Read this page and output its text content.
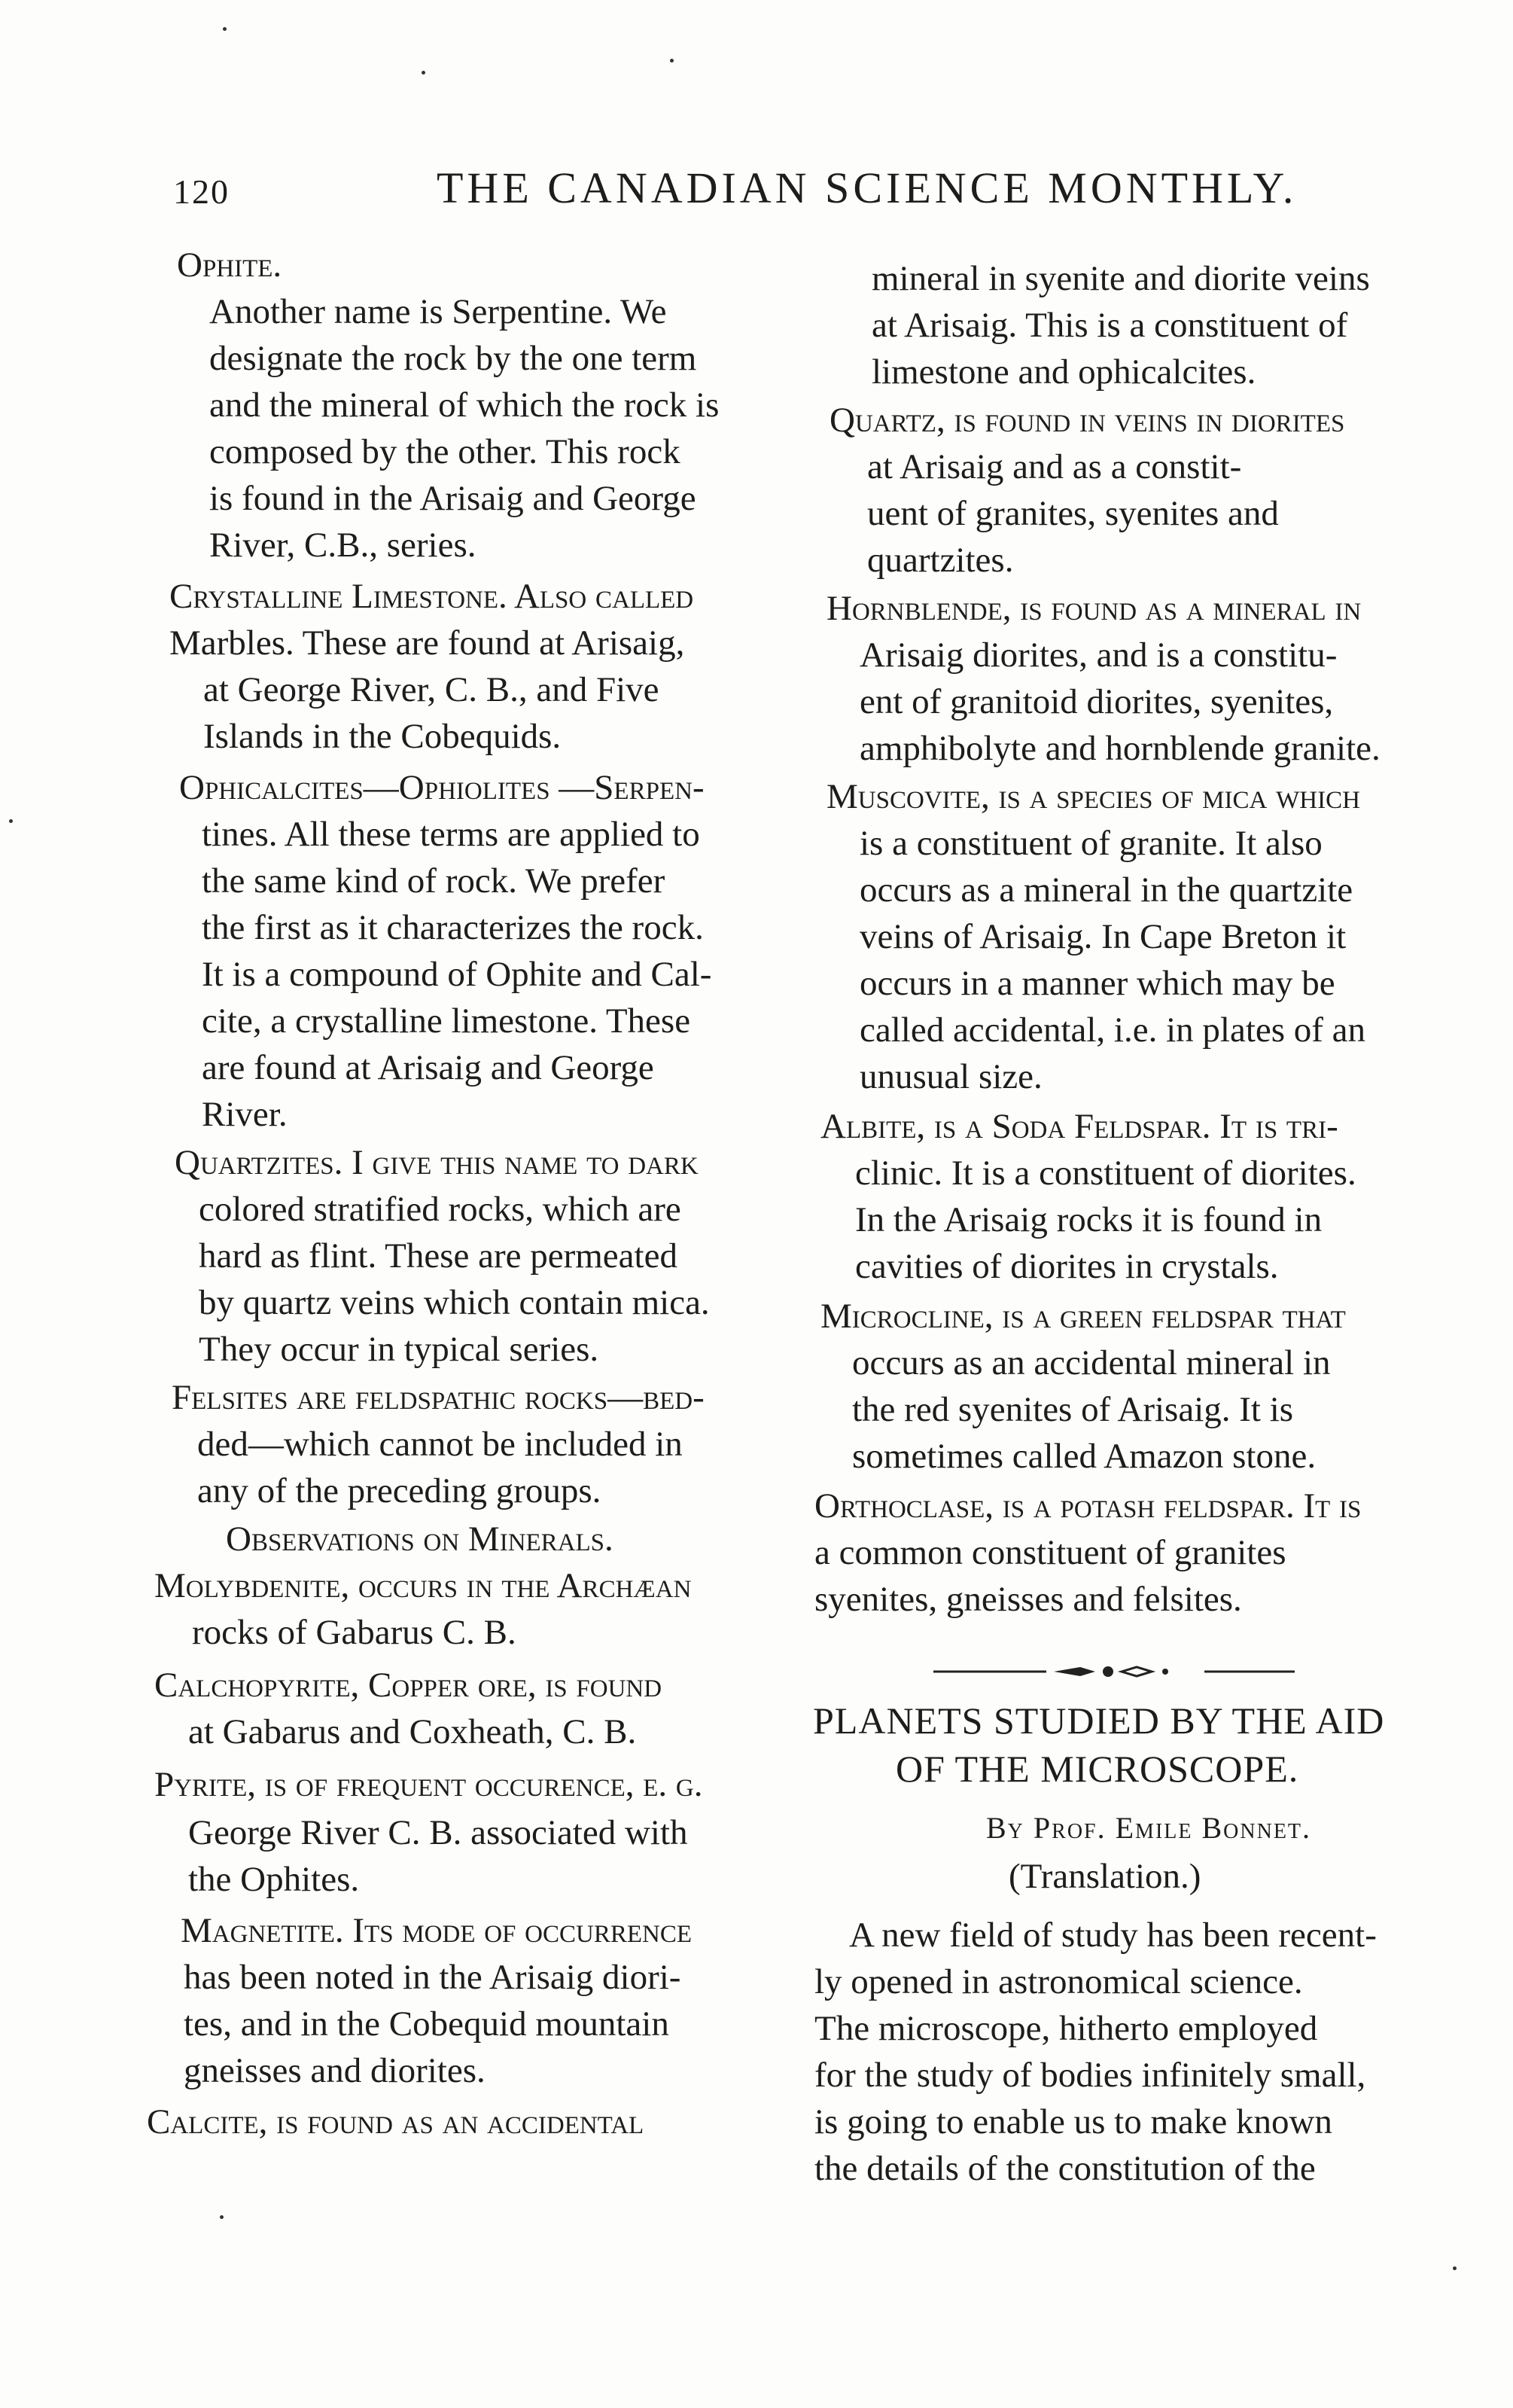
120	THE CANADIAN SCIENCE MONTHLY.
Ophite.
Another name is Serpentine. We
designate the rock by the one term
and the mineral of which the rock is
composed by the other. This rock
is found in the Arisaig and George
River, C.B., series.
Crystalline Limestone. Also called
Marbles. These are found at Arisaig,
at George River, C. B., and Five
Islands in the Cobequids.
Ophicalcites—Ophiolites —Serpen-
tines. All these terms are applied to
the same kind of rock. We prefer
the first as it characterizes the rock.
It is a compound of Ophite and Cal-
cite, a crystalline limestone. These
are found at Arisaig and George
River.
Quartzites. I give this name to dark
colored stratified rocks, which are
hard as flint. These are permeated
by quartz veins which contain mica.
They occur in typical series.
Felsites are feldspathic rocks—bed-
ded—which cannot be included in
any of the preceding groups.
Observations on Minerals.
Molybdenite, occurs in the Archæan
rocks of Gabarus C. B.
Calchopyrite, Copper ore, is found
at Gabarus and Coxheath, C. B.
Pyrite, is of frequent occurence, e. g.
George River C. B. associated with
the Ophites.
Magnetite. Its mode of occurrence
has been noted in the Arisaig diori-
tes, and in the Cobequid mountain
gneisses and diorites.
Calcite, is found as an accidental
mineral in syenite and diorite veins
at Arisaig. This is a constituent of
limestone and ophicalcites.
Quartz, is found in veins in diorites
at Arisaig and as a constit-
uent of granites, syenites and
quartzites.
Hornblende, is found as a mineral in
Arisaig diorites, and is a constitu-
ent of granitoid diorites, syenites,
amphibolyte and hornblende granite.
Muscovite, is a species of mica which
is a constituent of granite. It also
occurs as a mineral in the quartzite
veins of Arisaig. In Cape Breton it
occurs in a manner which may be
called accidental, i.e. in plates of an
unusual size.
Albite, is a Soda Feldspar. It is tri-
clinic. It is a constituent of diorites.
In the Arisaig rocks it is found in
cavities of diorites in crystals.
Microcline, is a green feldspar that
occurs as an accidental mineral in
the red syenites of Arisaig. It is
sometimes called Amazon stone.
Orthoclase, is a potash feldspar. It is
a common constituent of granites
syenites, gneisses and felsites.
PLANETS STUDIED BY THE AID
OF THE MICROSCOPE.
By Prof. Emile Bonnet.
(Translation.)
A new field of study has been recent-
ly opened in astronomical science.
The microscope, hitherto employed
for the study of bodies infinitely small,
is going to enable us to make known
the details of the constitution of the
